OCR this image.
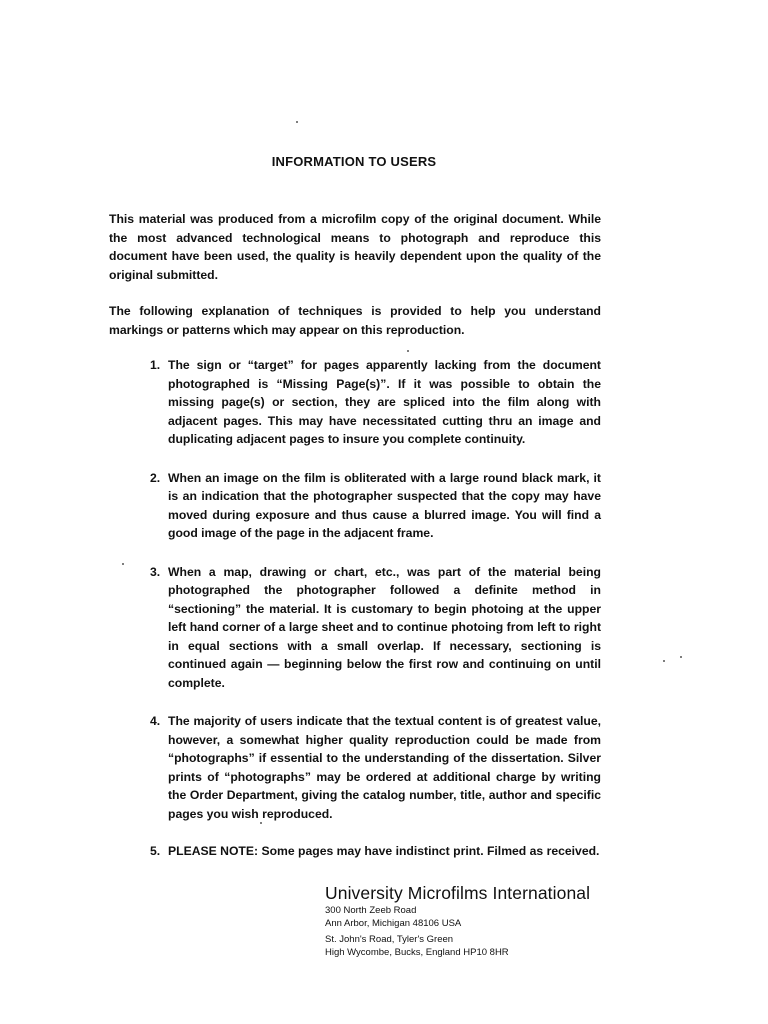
INFORMATION TO USERS
This material was produced from a microfilm copy of the original document. While the most advanced technological means to photograph and reproduce this document have been used, the quality is heavily dependent upon the quality of the original submitted.
The following explanation of techniques is provided to help you understand markings or patterns which may appear on this reproduction.
1. The sign or “target” for pages apparently lacking from the document photographed is “Missing Page(s)”. If it was possible to obtain the missing page(s) or section, they are spliced into the film along with adjacent pages. This may have necessitated cutting thru an image and duplicating adjacent pages to insure you complete continuity.
2. When an image on the film is obliterated with a large round black mark, it is an indication that the photographer suspected that the copy may have moved during exposure and thus cause a blurred image. You will find a good image of the page in the adjacent frame.
3. When a map, drawing or chart, etc., was part of the material being photographed the photographer followed a definite method in “sectioning” the material. It is customary to begin photoing at the upper left hand corner of a large sheet and to continue photoing from left to right in equal sections with a small overlap. If necessary, sectioning is continued again — beginning below the first row and continuing on until complete.
4. The majority of users indicate that the textual content is of greatest value, however, a somewhat higher quality reproduction could be made from “photographs” if essential to the understanding of the dissertation. Silver prints of “photographs” may be ordered at additional charge by writing the Order Department, giving the catalog number, title, author and specific pages you wish reproduced.
5. PLEASE NOTE: Some pages may have indistinct print. Filmed as received.
University Microfilms International
300 North Zeeb Road
Ann Arbor, Michigan 48106 USA
St. John's Road, Tyler's Green
High Wycombe, Bucks, England HP10 8HR
